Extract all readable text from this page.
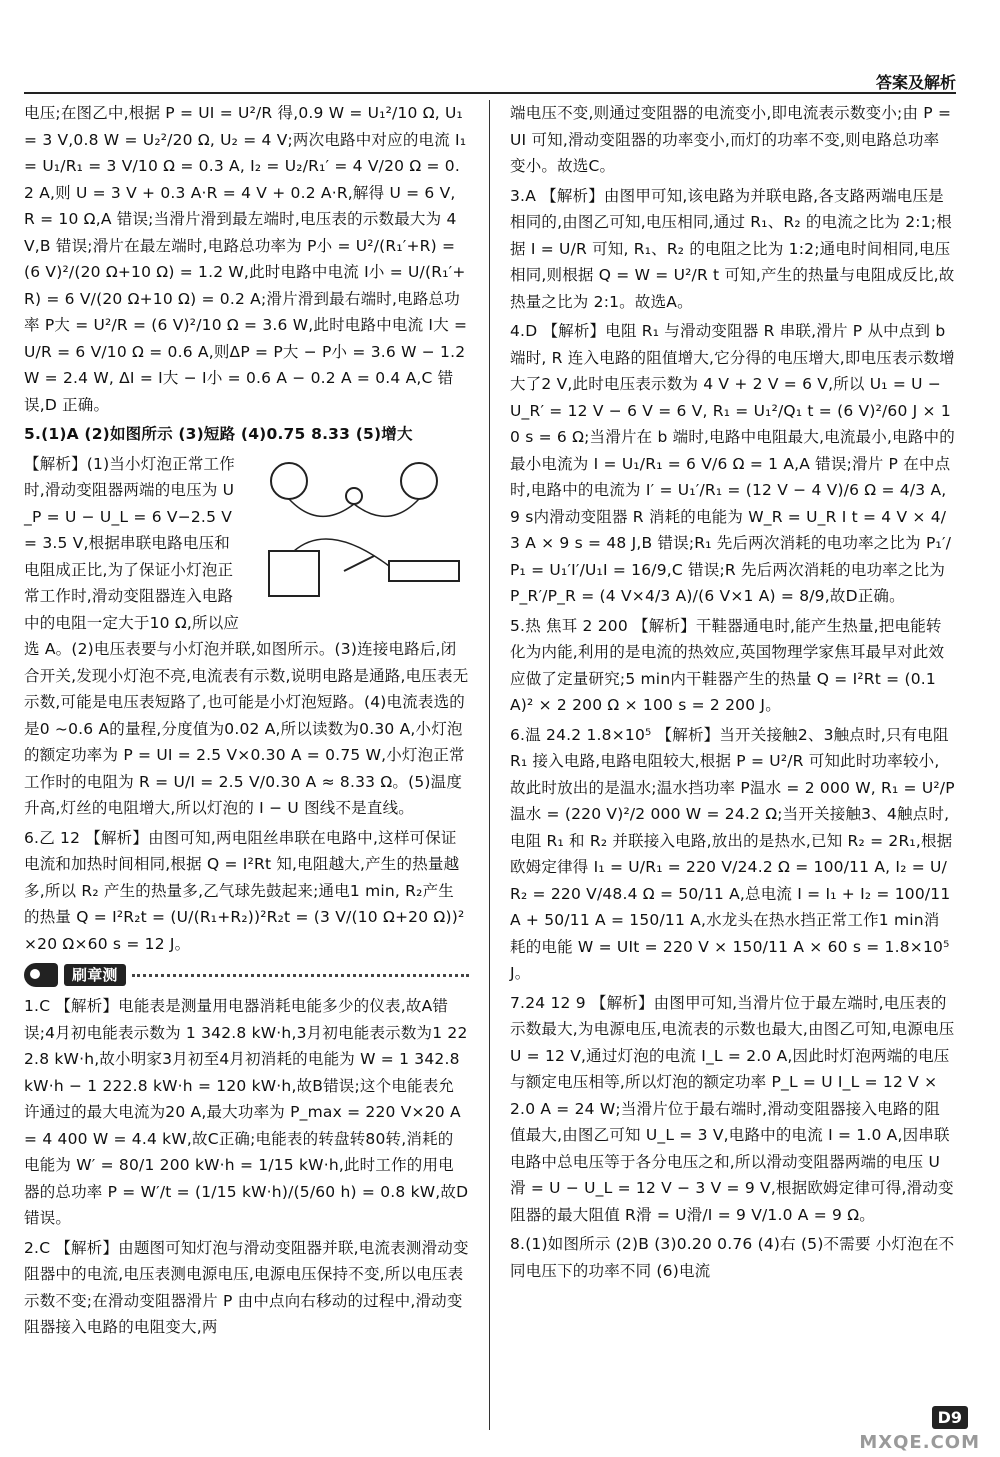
答案及解析

电压;在图乙中,根据 P = UI = U²/R 得,0.9 W = U₁²/10 Ω, U₁ = 3 V,0.8 W = U₂²/20 Ω, U₂ = 4 V;两次电路中对应的电流 I₁ = U₁/R₁ = 3 V/10 Ω = 0.3 A, I₂ = U₂/R₁′ = 4 V/20 Ω = 0.2 A,则 U = 3 V + 0.3 A·R = 4 V + 0.2 A·R,解得 U = 6 V, R = 10 Ω,A 错误;当滑片滑到最左端时,电压表的示数最大为 4 V,B 错误;滑片在最左端时,电路总功率为 P小 = U²/(R₁′+R) = (6 V)²/(20 Ω+10 Ω) = 1.2 W,此时电路中电流 I小 = U/(R₁′+R) = 6 V/(20 Ω+10 Ω) = 0.2 A;滑片滑到最右端时,电路总功率 P大 = U²/R = (6 V)²/10 Ω = 3.6 W,此时电路中电流 I大 = U/R = 6 V/10 Ω = 0.6 A,则ΔP = P大 − P小 = 3.6 W − 1.2 W = 2.4 W, ΔI = I大 − I小 = 0.6 A − 0.2 A = 0.4 A,C 错误,D 正确。

5.(1)A (2)如图所示 (3)短路 (4)0.75 8.33 (5)增大

【解析】(1)当小灯泡正常工作时,滑动变阻器两端的电压为 U_P = U − U_L = 6 V−2.5 V = 3.5 V,根据串联电路电压和电阻成正比,为了保证小灯泡正常工作时,滑动变阻器连入电路中的电阻一定大于10 Ω,所以应选 A。(2)电压表要与小灯泡并联,如图所示。(3)连接电路后,闭合开关,发现小灯泡不亮,电流表有示数,说明电路是通路,电压表无示数,可能是电压表短路了,也可能是小灯泡短路。(4)电流表选的是0 ~0.6 A的量程,分度值为0.02 A,所以读数为0.30 A,小灯泡的额定功率为 P = UI = 2.5 V×0.30 A = 0.75 W,小灯泡正常工作时的电阻为 R = U/I = 2.5 V/0.30 A ≈ 8.33 Ω。(5)温度升高,灯丝的电阻增大,所以灯泡的 I − U 图线不是直线。

6.乙 12 【解析】由图可知,两电阻丝串联在电路中,这样可保证电流和加热时间相同,根据 Q = I²Rt 知,电阻越大,产生的热量越多,所以 R₂ 产生的热量多,乙气球先鼓起来;通电1 min, R₂产生的热量 Q = I²R₂t = (U/(R₁+R₂))²R₂t = (3 V/(10 Ω+20 Ω))² ×20 Ω×60 s = 12 J。

刷章测

1.C 【解析】电能表是测量用电器消耗电能多少的仪表,故A错误;4月初电能表示数为 1 342.8 kW·h,3月初电能表示数为1 222.8 kW·h,故小明家3月初至4月初消耗的电能为 W = 1 342.8 kW·h − 1 222.8 kW·h = 120 kW·h,故B错误;这个电能表允许通过的最大电流为20 A,最大功率为 P_max = 220 V×20 A = 4 400 W = 4.4 kW,故C正确;电能表的转盘转80转,消耗的电能为 W′ = 80/1 200 kW·h = 1/15 kW·h,此时工作的用电器的总功率 P = W′/t = (1/15 kW·h)/(5/60 h) = 0.8 kW,故D错误。

2.C 【解析】由题图可知灯泡与滑动变阻器并联,电流表测滑动变阻器中的电流,电压表测电源电压,电源电压保持不变,所以电压表示数不变;在滑动变阻器滑片 P 由中点向右移动的过程中,滑动变阻器接入电路的电阻变大,两

端电压不变,则通过变阻器的电流变小,即电流表示数变小;由 P = UI 可知,滑动变阻器的功率变小,而灯的功率不变,则电路总功率变小。故选C。

3.A 【解析】由图甲可知,该电路为并联电路,各支路两端电压是相同的,由图乙可知,电压相同,通过 R₁、R₂ 的电流之比为 2:1;根据 I = U/R 可知, R₁、R₂ 的电阻之比为 1:2;通电时间相同,电压相同,则根据 Q = W = U²/R t 可知,产生的热量与电阻成反比,故热量之比为 2:1。故选A。

4.D 【解析】电阻 R₁ 与滑动变阻器 R 串联,滑片 P 从中点到 b 端时, R 连入电路的阻值增大,它分得的电压增大,即电压表示数增大了2 V,此时电压表示数为 4 V + 2 V = 6 V,所以 U₁ = U − U_R′ = 12 V − 6 V = 6 V, R₁ = U₁²/Q₁ t = (6 V)²/60 J × 10 s = 6 Ω;当滑片在 b 端时,电路中电阻最大,电流最小,电路中的最小电流为 I = U₁/R₁ = 6 V/6 Ω = 1 A,A 错误;滑片 P 在中点时,电路中的电流为 I′ = U₁′/R₁ = (12 V − 4 V)/6 Ω = 4/3 A,9 s内滑动变阻器 R 消耗的电能为 W_R = U_R I t = 4 V × 4/3 A × 9 s = 48 J,B 错误;R₁ 先后两次消耗的电功率之比为 P₁′/P₁ = U₁′I′/U₁I = 16/9,C 错误;R 先后两次消耗的电功率之比为 P_R′/P_R = (4 V×4/3 A)/(6 V×1 A) = 8/9,故D正确。

5.热 焦耳 2 200 【解析】干鞋器通电时,能产生热量,把电能转化为内能,利用的是电流的热效应,英国物理学家焦耳最早对此效应做了定量研究;5 min内干鞋器产生的热量 Q = I²Rt = (0.1 A)² × 2 200 Ω × 100 s = 2 200 J。

6.温 24.2 1.8×10⁵ 【解析】当开关接触2、3触点时,只有电阻 R₁ 接入电路,电路电阻较大,根据 P = U²/R 可知此时功率较小,故此时放出的是温水;温水挡功率 P温水 = 2 000 W, R₁ = U²/P温水 = (220 V)²/2 000 W = 24.2 Ω;当开关接触3、4触点时,电阻 R₁ 和 R₂ 并联接入电路,放出的是热水,已知 R₂ = 2R₁,根据欧姆定律得 I₁ = U/R₁ = 220 V/24.2 Ω = 100/11 A, I₂ = U/R₂ = 220 V/48.4 Ω = 50/11 A,总电流 I = I₁ + I₂ = 100/11 A + 50/11 A = 150/11 A,水龙头在热水挡正常工作1 min消耗的电能 W = UIt = 220 V × 150/11 A × 60 s = 1.8×10⁵ J。

7.24 12 9 【解析】由图甲可知,当滑片位于最左端时,电压表的示数最大,为电源电压,电流表的示数也最大,由图乙可知,电源电压U = 12 V,通过灯泡的电流 I_L = 2.0 A,因此时灯泡两端的电压与额定电压相等,所以灯泡的额定功率 P_L = U I_L = 12 V × 2.0 A = 24 W;当滑片位于最右端时,滑动变阻器接入电路的阻值最大,由图乙可知 U_L = 3 V,电路中的电流 I = 1.0 A,因串联电路中总电压等于各分电压之和,所以滑动变阻器两端的电压 U滑 = U − U_L = 12 V − 3 V = 9 V,根据欧姆定律可得,滑动变阻器的最大阻值 R滑 = U滑/I = 9 V/1.0 A = 9 Ω。

8.(1)如图所示 (2)B (3)0.20 0.76 (4)右 (5)不需要 小灯泡在不同电压下的功率不同 (6)电流

D9
MXQE.COM
